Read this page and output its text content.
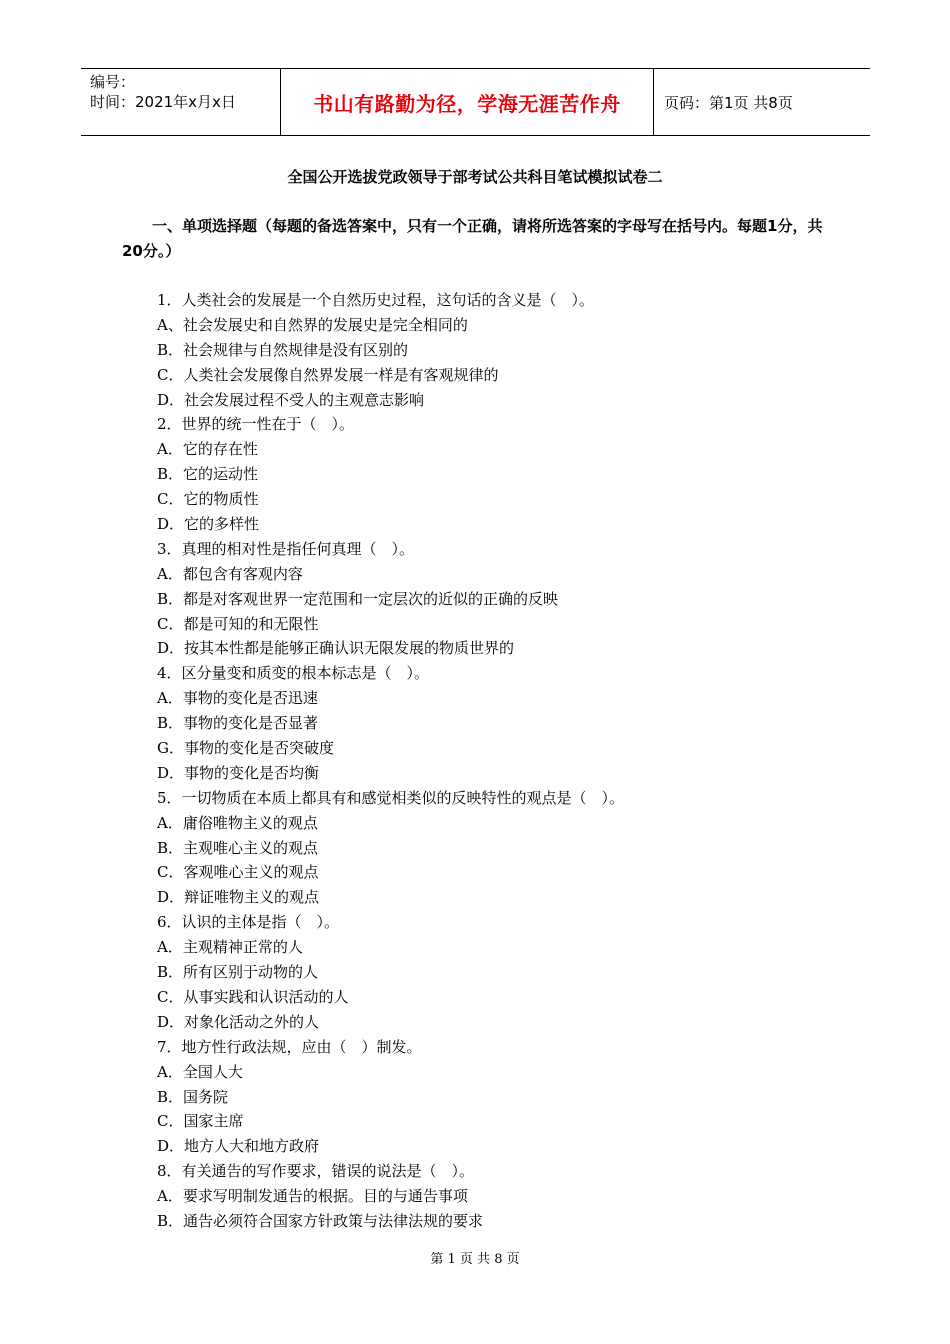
编号：
时间：2021年x月x日	书山有路勤为径，学海无涯苦作舟	页码：第1页 共8页
全国公开选拔党政领导于部考试公共科目笔试模拟试卷二
一、单项选择题（每题的备选答案中，只有一个正确，请将所选答案的字母写在括号内。每题1分，共20分。）
1．人类社会的发展是一个自然历史过程，这句话的含义是（　）。
A、社会发展史和自然界的发展史是完全相同的
B．社会规律与自然规律是没有区别的
C．人类社会发展像自然界发展一样是有客观规律的
D．社会发展过程不受人的主观意志影响
2．世界的统一性在于（　）。
A．它的存在性
B．它的运动性
C．它的物质性
D．它的多样性
3．真理的相对性是指任何真理（　）。
A．都包含有客观内容
B．都是对客观世界一定范围和一定层次的近似的正确的反映
C．都是可知的和无限性
D．按其本性都是能够正确认识无限发展的物质世界的
4．区分量变和质变的根本标志是（　）。
A．事物的变化是否迅速
B．事物的变化是否显著
G．事物的变化是否突破度
D．事物的变化是否均衡
5．一切物质在本质上都具有和感觉相类似的反映特性的观点是（　）。
A．庸俗唯物主义的观点
B．主观唯心主义的观点
C．客观唯心主义的观点
D．辩证唯物主义的观点
6．认识的主体是指（　）。
A．主观精神正常的人
B．所有区别于动物的人
C．从事实践和认识活动的人
D．对象化活动之外的人
7．地方性行政法规，应由（　）制发。
A．全国人大
B．国务院
C．国家主席
D．地方人大和地方政府
8．有关通告的写作要求，错误的说法是（　）。
A．要求写明制发通告的根据。目的与通告事项
B．通告必须符合国家方针政策与法律法规的要求
第 1 页 共 8 页
